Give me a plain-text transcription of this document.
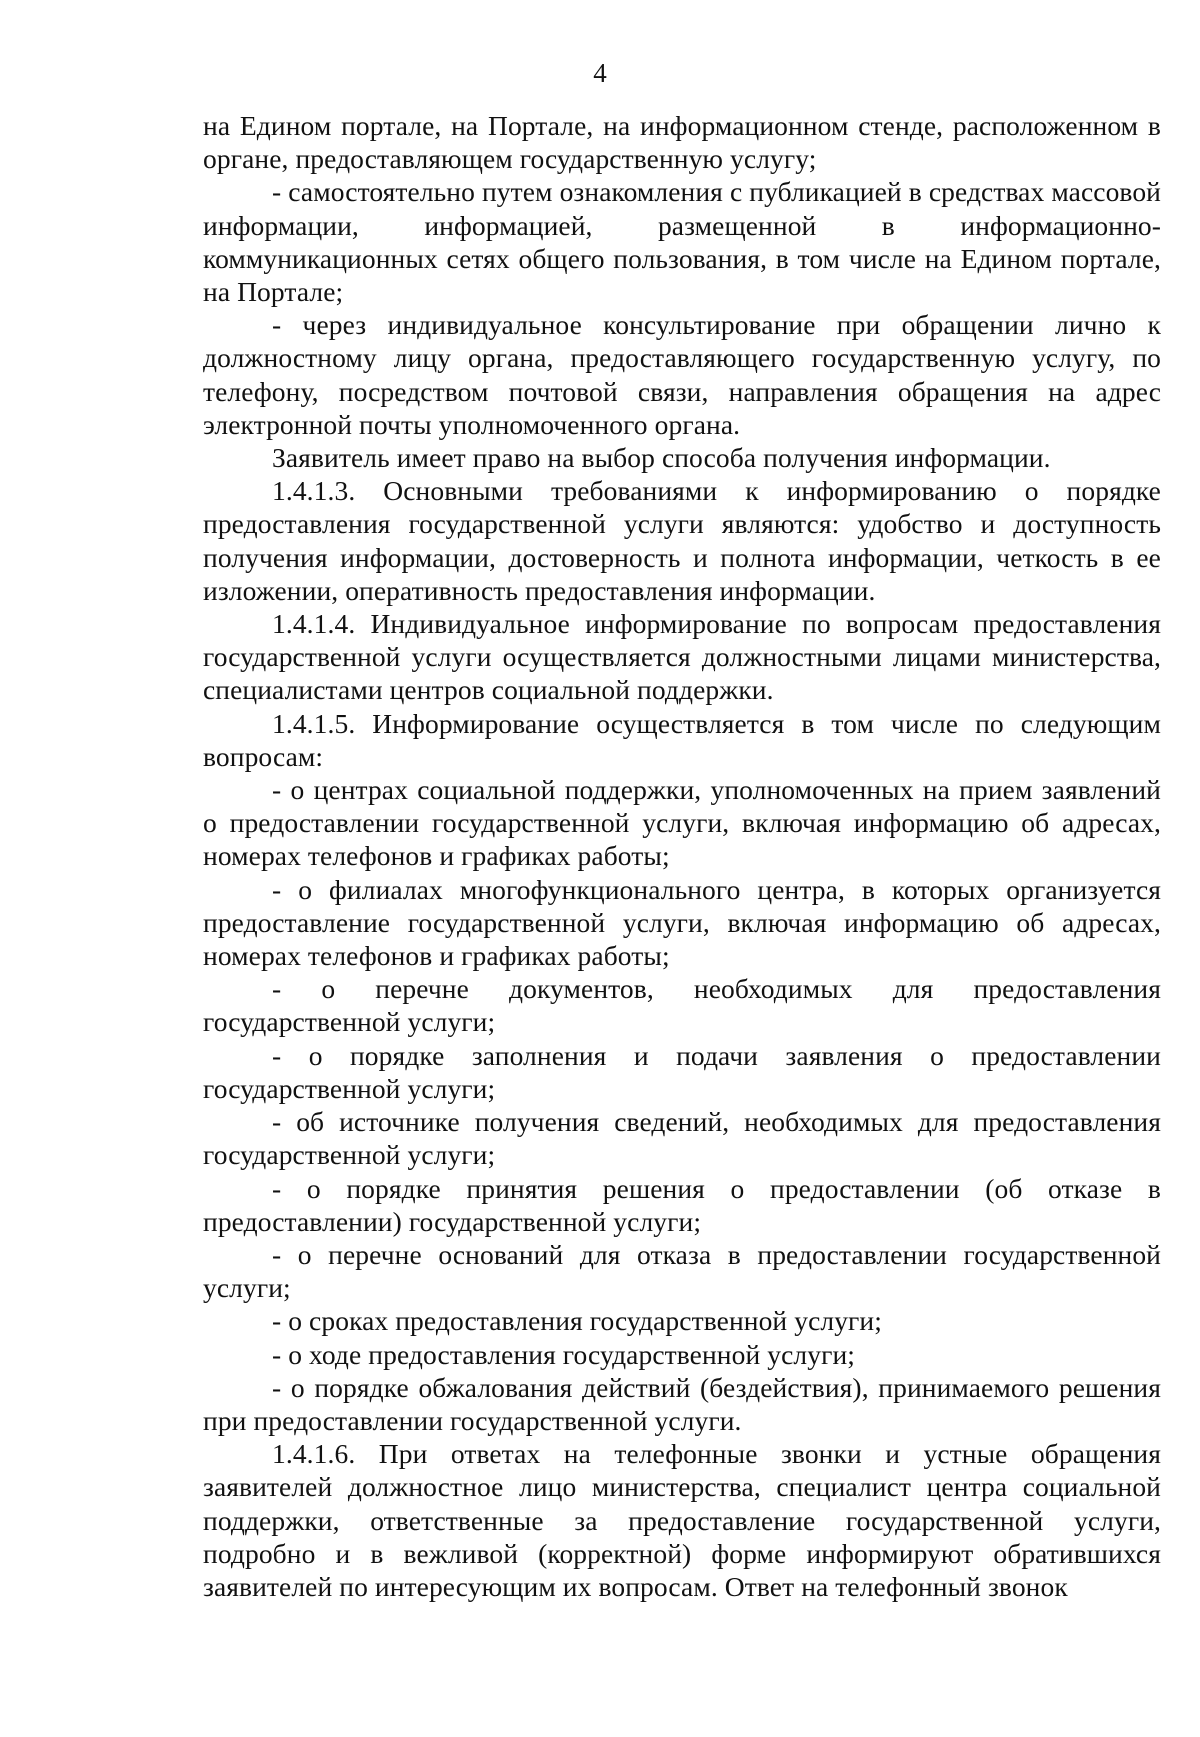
4

на Едином портале, на Портале, на информационном стенде, расположенном в органе, предоставляющем государственную услугу;

- самостоятельно путем ознакомления с публикацией в средствах массовой информации, информацией, размещенной в информационно-коммуникационных сетях общего пользования, в том числе на Едином портале, на Портале;

- через индивидуальное консультирование при обращении лично к должностному лицу органа, предоставляющего государственную услугу, по телефону, посредством почтовой связи, направления обращения на адрес электронной почты уполномоченного органа.

Заявитель имеет право на выбор способа получения информации.

1.4.1.3. Основными требованиями к информированию о порядке предоставления государственной услуги являются: удобство и доступность получения информации, достоверность и полнота информации, четкость в ее изложении, оперативность предоставления информации.

1.4.1.4. Индивидуальное информирование по вопросам предоставления государственной услуги осуществляется должностными лицами министерства, специалистами центров социальной поддержки.

1.4.1.5. Информирование осуществляется в том числе по следующим вопросам:

- о центрах социальной поддержки, уполномоченных на прием заявлений о предоставлении государственной услуги, включая информацию об адресах, номерах телефонов и графиках работы;

- о филиалах многофункционального центра, в которых организуется предоставление государственной услуги, включая информацию об адресах, номерах телефонов и графиках работы;

- о перечне документов, необходимых для предоставления государственной услуги;

- о порядке заполнения и подачи заявления о предоставлении государственной услуги;

- об источнике получения сведений, необходимых для предоставления государственной услуги;

- о порядке принятия решения о предоставлении (об отказе в предоставлении) государственной услуги;

- о перечне оснований для отказа в предоставлении государственной услуги;

- о сроках предоставления государственной услуги;

- о ходе предоставления государственной услуги;

- о порядке обжалования действий (бездействия), принимаемого решения при предоставлении государственной услуги.

1.4.1.6. При ответах на телефонные звонки и устные обращения заявителей должностное лицо министерства, специалист центра социальной поддержки, ответственные за предоставление государственной услуги, подробно и в вежливой (корректной) форме информируют обратившихся заявителей по интересующим их вопросам. Ответ на телефонный звонок
